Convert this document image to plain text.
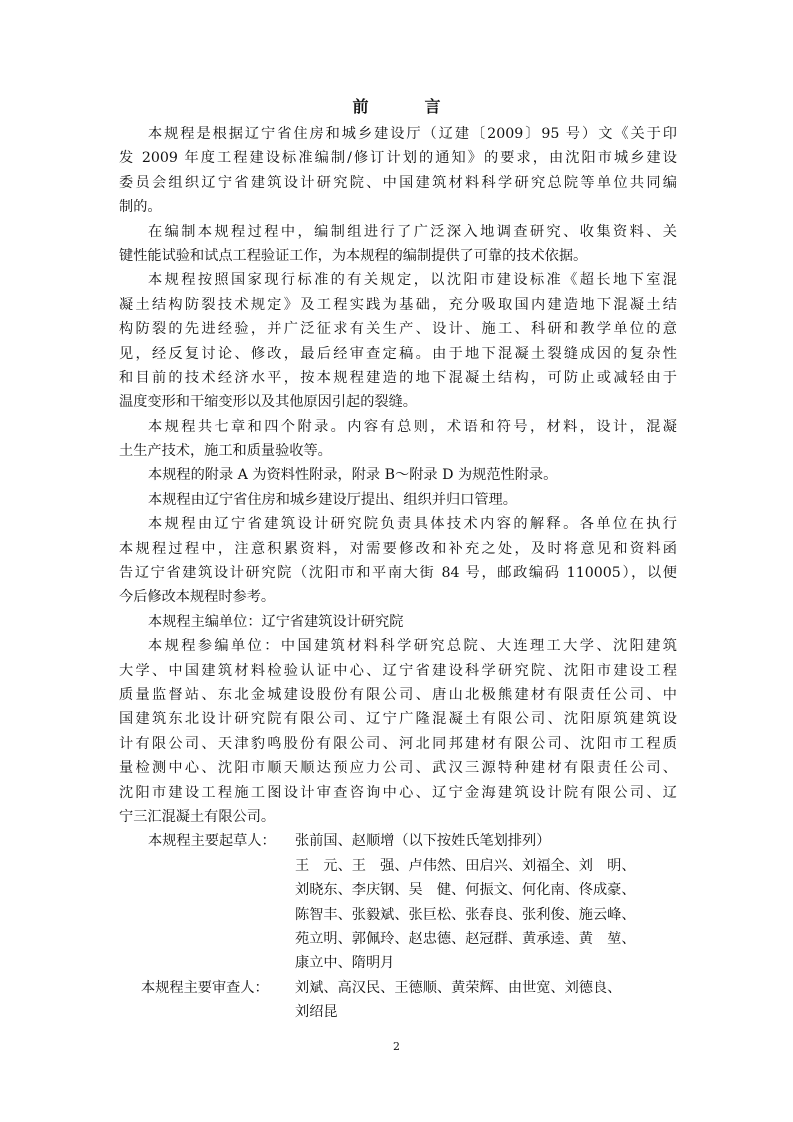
前　言
本规程是根据辽宁省住房和城乡建设厅（辽建〔2009〕95 号）文《关于印
发 2009 年度工程建设标准编制/修订计划的通知》的要求，由沈阳市城乡建设
委员会组织辽宁省建筑设计研究院、中国建筑材料科学研究总院等单位共同编
制的。
在编制本规程过程中，编制组进行了广泛深入地调查研究、收集资料、关
键性能试验和试点工程验证工作，为本规程的编制提供了可靠的技术依据。
本规程按照国家现行标准的有关规定，以沈阳市建设标准《超长地下室混
凝土结构防裂技术规定》及工程实践为基础，充分吸取国内建造地下混凝土结
构防裂的先进经验，并广泛征求有关生产、设计、施工、科研和教学单位的意
见，经反复讨论、修改，最后经审查定稿。由于地下混凝土裂缝成因的复杂性
和目前的技术经济水平，按本规程建造的地下混凝土结构，可防止或减轻由于
温度变形和干缩变形以及其他原因引起的裂缝。
本规程共七章和四个附录。内容有总则，术语和符号，材料，设计，混凝
土生产技术，施工和质量验收等。
本规程的附录 A 为资料性附录，附录 B～附录 D 为规范性附录。
本规程由辽宁省住房和城乡建设厅提出、组织并归口管理。
本规程由辽宁省建筑设计研究院负责具体技术内容的解释。各单位在执行
本规程过程中，注意积累资料，对需要修改和补充之处，及时将意见和资料函
告辽宁省建筑设计研究院（沈阳市和平南大街 84 号，邮政编码 110005），以便
今后修改本规程时参考。
本规程主编单位：辽宁省建筑设计研究院
本规程参编单位：中国建筑材料科学研究总院、大连理工大学、沈阳建筑
大学、中国建筑材料检验认证中心、辽宁省建设科学研究院、沈阳市建设工程
质量监督站、东北金城建设股份有限公司、唐山北极熊建材有限责任公司、中
国建筑东北设计研究院有限公司、辽宁广隆混凝土有限公司、沈阳原筑建筑设
计有限公司、天津豹鸣股份有限公司、河北同邦建材有限公司、沈阳市工程质
量检测中心、沈阳市顺天顺达预应力公司、武汉三源特种建材有限责任公司、
沈阳市建设工程施工图设计审查咨询中心、辽宁金海建筑设计院有限公司、辽
宁三汇混凝土有限公司。
本规程主要起草人：	张前国、赵顺增（以下按姓氏笔划排列）
王　元、王　强、卢伟然、田启兴、刘福全、刘　明、
刘晓东、李庆钢、吴　健、何振文、何化南、佟成豪、
陈智丰、张毅斌、张巨松、张春良、张利俊、施云峰、
苑立明、郭佩玲、赵忠德、赵冠群、黄承逵、黄　堃、
康立中、隋明月
本规程主要审查人：	刘斌、高汉民、王德顺、黄荣辉、由世宽、刘德良、
刘绍昆
2
